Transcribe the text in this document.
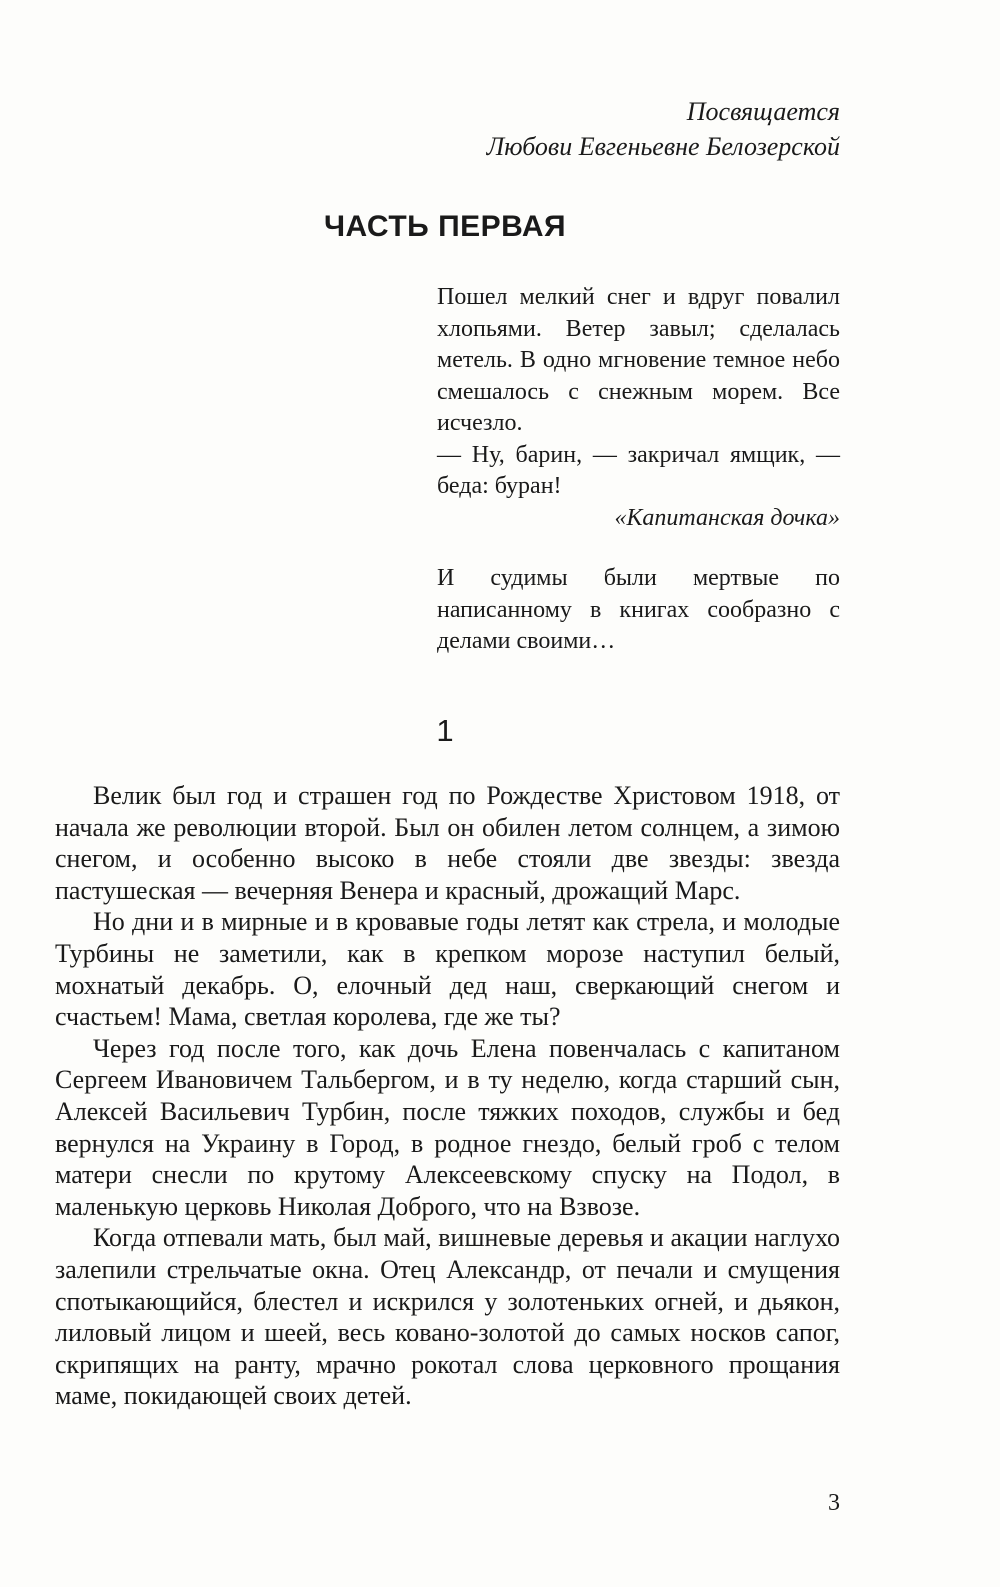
Посвящается
Любови Евгеньевне Белозерской
ЧАСТЬ ПЕРВАЯ

Пошел мелкий снег и вдруг повалил хлопьями. Ветер завыл; сделалась метель. В одно мгновение темное небо смешалось с снежным морем. Все исчезло.

— Ну, барин, — закричал ямщик, — беда: буран!

«Капитанская дочка»

И судимы были мертвые по написанному в книгах сообразно с делами своими…

1

Велик был год и страшен год по Рождестве Христовом 1918, от начала же революции второй. Был он обилен летом солнцем, а зимою снегом, и особенно высоко в небе стояли две звезды: звезда пастушеская — вечерняя Венера и красный, дрожащий Марс.

Но дни и в мирные и в кровавые годы летят как стрела, и молодые Турбины не заметили, как в крепком морозе наступил белый, мохнатый декабрь. О, елочный дед наш, сверкающий снегом и счастьем! Мама, светлая королева, где же ты?

Через год после того, как дочь Елена повенчалась с капитаном Сергеем Ивановичем Тальбергом, и в ту неделю, когда старший сын, Алексей Васильевич Турбин, после тяжких походов, службы и бед вернулся на Украину в Город, в родное гнездо, белый гроб с телом матери снесли по крутому Алексеевскому спуску на Подол, в маленькую церковь Николая Доброго, что на Взвозе.

Когда отпевали мать, был май, вишневые деревья и акации наглухо залепили стрельчатые окна. Отец Александр, от печали и смущения спотыкающийся, блестел и искрился у золотеньких огней, и дьякон, лиловый лицом и шеей, весь ковано-золотой до самых носков сапог, скрипящих на ранту, мрачно рокотал слова церковного прощания маме, покидающей своих детей.

3
